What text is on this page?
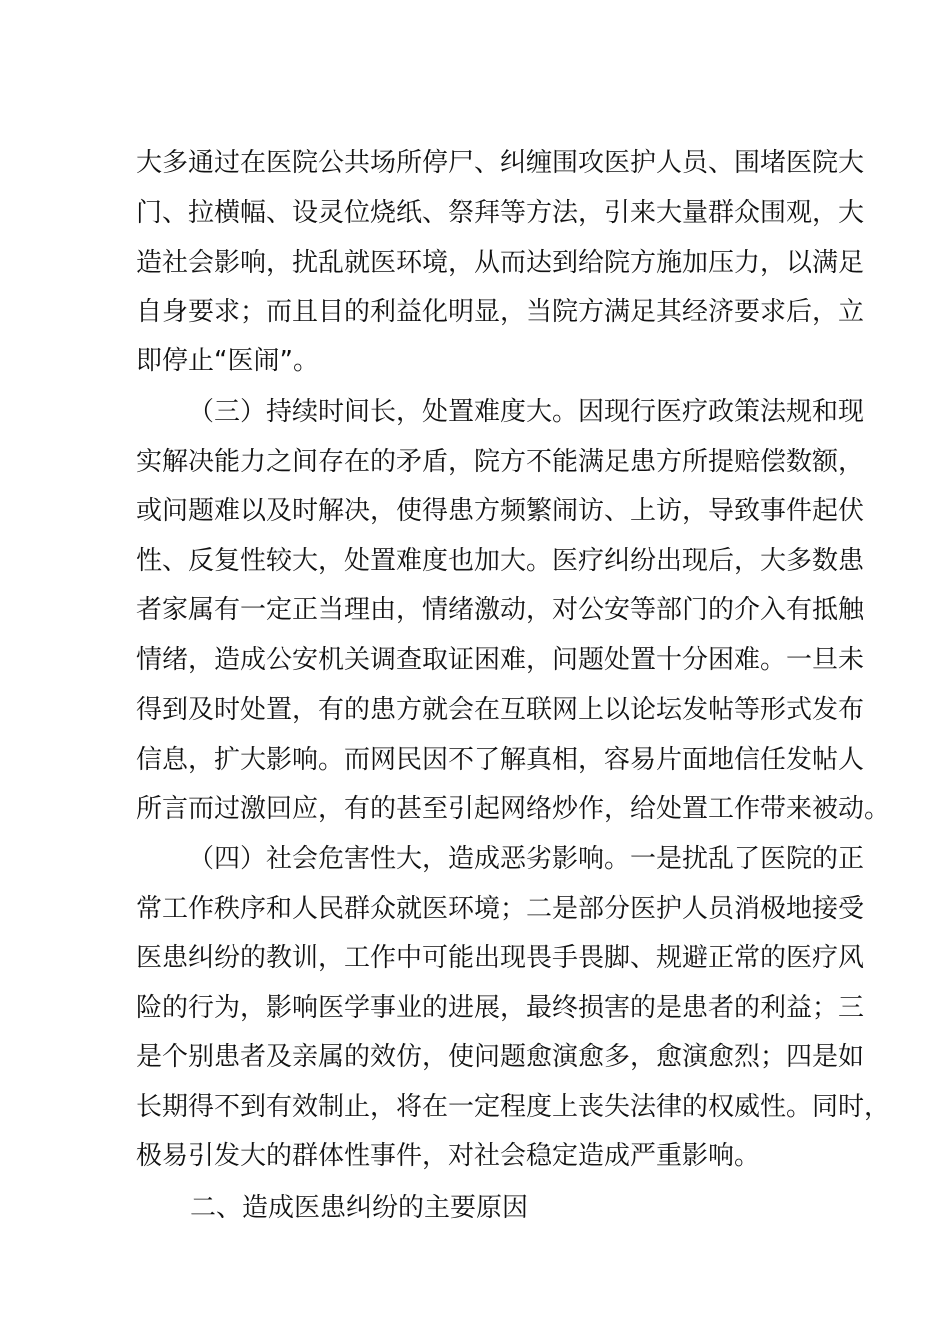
大多通过在医院公共场所停尸、纠缠围攻医护人员、围堵医院大
门、拉横幅、设灵位烧纸、祭拜等方法，引来大量群众围观，大
造社会影响，扰乱就医环境，从而达到给院方施加压力，以满足
自身要求；而且目的利益化明显，当院方满足其经济要求后，立
即停止“医闹”。
（三）持续时间长，处置难度大。因现行医疗政策法规和现
实解决能力之间存在的矛盾，院方不能满足患方所提赔偿数额，
或问题难以及时解决，使得患方频繁闹访、上访，导致事件起伏
性、反复性较大，处置难度也加大。医疗纠纷出现后，大多数患
者家属有一定正当理由，情绪激动，对公安等部门的介入有抵触
情绪，造成公安机关调查取证困难，问题处置十分困难。一旦未
得到及时处置，有的患方就会在互联网上以论坛发帖等形式发布
信息，扩大影响。而网民因不了解真相，容易片面地信任发帖人
所言而过激回应，有的甚至引起网络炒作，给处置工作带来被动。
（四）社会危害性大，造成恶劣影响。一是扰乱了医院的正
常工作秩序和人民群众就医环境；二是部分医护人员消极地接受
医患纠纷的教训，工作中可能出现畏手畏脚、规避正常的医疗风
险的行为，影响医学事业的进展，最终损害的是患者的利益；三
是个别患者及亲属的效仿，使问题愈演愈多，愈演愈烈；四是如
长期得不到有效制止，将在一定程度上丧失法律的权威性。同时，
极易引发大的群体性事件，对社会稳定造成严重影响。
二、造成医患纠纷的主要原因
